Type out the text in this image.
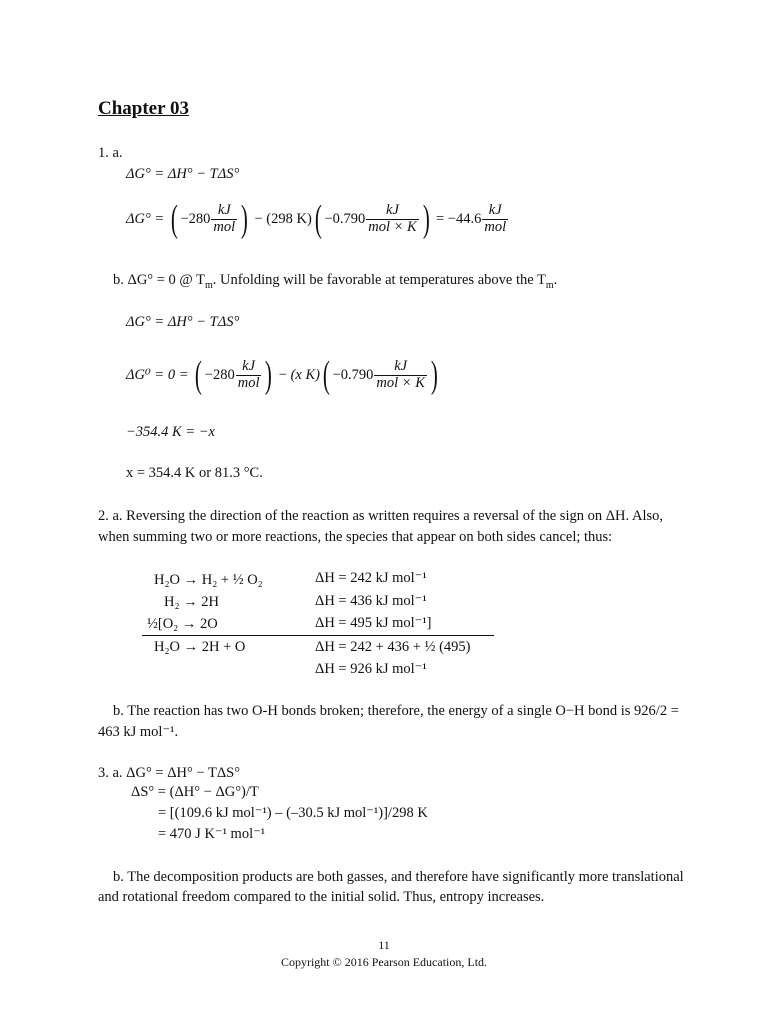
Chapter 03
1. a.
ΔG° = ΔH° − TΔS°
ΔG° =
( $-280 \frac{kJ}{\text{mol}}$ ) − (298 K) ( $-0.790 \frac{kJ}{\text{mol × K}}$ )
= $-44.6 \frac{kJ}{\text{mol}}$
b. ΔG° = 0 @ $T_m$. Unfolding will be favorable at temperatures above the $T_m$.
ΔG° = ΔH° − TΔS°
ΔG⁰ = 0 =
( $-280 \frac{kJ}{\text{mol}}$ ) − (x K) ( $-0.790 \frac{kJ}{\text{mol × K}}$ )
−354.4 K = −x
x = 354.4 K or 81.3 °C.
2. a. Reversing the direction of the reaction as written requires a reversal of the sign on ΔH. Also,
when summing two or more reactions, the species that appear on both sides cancel; thus:
H₂O → H₂ + ½ O₂	ΔH = 242 kJ mol⁻¹
H₂ → 2H	ΔH = 436 kJ mol⁻¹
½[O₂ → 2O	ΔH = 495 kJ mol⁻¹]
H₂O → 2H + O	ΔH = 242 + 436 + ½ (495)
ΔH = 926 kJ mol⁻¹
b. The reaction has two O-H bonds broken; therefore, the energy of a single O−H bond is 926/2 =
463 kJ mol⁻¹.
3. a. ΔG° = ΔH° − TΔS°
ΔS° = (ΔH° − ΔG°)/T
= [(109.6 kJ mol⁻¹) – (–30.5 kJ mol⁻¹)]/298 K
= 470 J K⁻¹ mol⁻¹
b. The decomposition products are both gasses, and therefore have significantly more translational
and rotational freedom compared to the initial solid. Thus, entropy increases.
11
Copyright © 2016 Pearson Education, Ltd.
